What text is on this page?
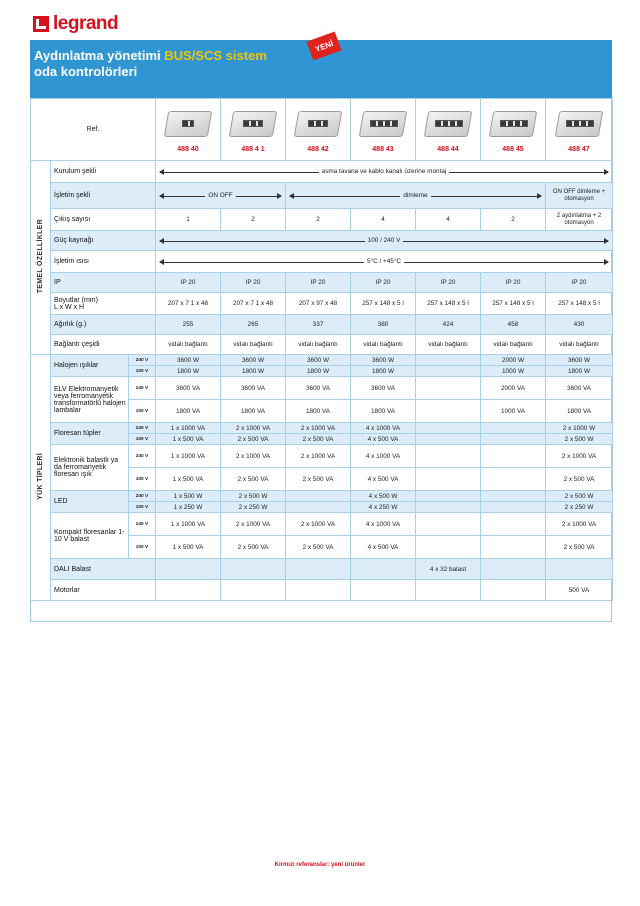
legrand
Aydınlatma yönetimi BUS/SCS sistem
oda kontrolörleri
YENİ
Ref.			488 40	488 4 1	488 42	488 43	488 44	488 45	488 47
TEMEL ÖZELLİKLER	Kurulum şekli		asma tavana ve kablo kanalı üzerine montaj						
	İşletim şekli		ON OFF		dimleme				ON OFF dimleme + otomasyon
	Çıkış sayısı		1	2	2	4	4	2	2 aydınlatma + 2 otomasyon
	Güç kaynağı		100 / 240 V						
	İşletim ısısı		5°C / +45°C						
	IP		IP 20	IP 20	IP 20	IP 20	IP 20	IP 20	IP 20
	Boyutlar (mm)
L x W x H		207 x 7 1 x 48	207 x 7 1 x 48	207 x 97 x 48	257 x 148 x 5 l	257 x 148 x 5 l	257 x 148 x 5 l	257 x 148 x 5 l
	Ağırlık (g.)		255	265	337	380	424	458	430
	Bağlantı çeşidi		vidalı bağlantı	vidalı bağlantı	vidalı bağlantı	vidalı bağlantı	vidalı bağlantı	vidalı bağlantı	vidalı bağlantı
YÜK TİPLERİ	Halojen ışıklar	240 V	3600 W	3600 W	3600 W	3600 W		2000 W	3600 W
		100 V	1800 W	1800 W	1800 W	1800 W		1000 W	1800 W
	ELV Elektromanyetik veya ferromanyetik transformatörlü halojen lambalar	240 V	3600 VA	3600 VA	3600 VA	3600 VA		2000 VA	3600 VA
		100 V	1800 VA	1800 VA	1800 VA	1800 VA		1000 VA	1800 VA
	Floresan tüpler	240 V	1 x 1000 VA	2 x 1000 VA	2 x 1000 VA	4 x 1000 VA			2 x 1000 W
		100 V	1 x 500 VA	2 x 500 VA	2 x 500 VA	4 x 500 VA			2 x 500 W
	Elektronik balastlı ya da ferromanyetik floresan ışık	240 V	1 x 1000 VA	2 x 1000 VA	2 x 1000 VA	4 x 1000 VA			2 x 1000 VA
		100 V	1 x 500 VA	2 x 500 VA	2 x 500 VA	4 x 500 VA			2 x 500 VA
	LED	240 V	1 x 500 W	2 x 500 W		4 x 500 W			2 x 500 W
		100 V	1 x 250 W	2 x 250 W		4 x 250 W			2 x 250 W
	Kompakt floresanlar 1-10 V balast	240 V	1 x 1000 VA	2 x 1000 VA	2 x 1000 VA	4 x 1000 VA			2 x 1000 VA
		100 V	1 x 500 VA	2 x 500 VA	2 x 500 VA	4 x 500 VA			2 x 500 VA
	DALI Balast						4 x 32 balast		
	Motorlar								500 VA
Kırmızı referanslar: yeni ürünler
